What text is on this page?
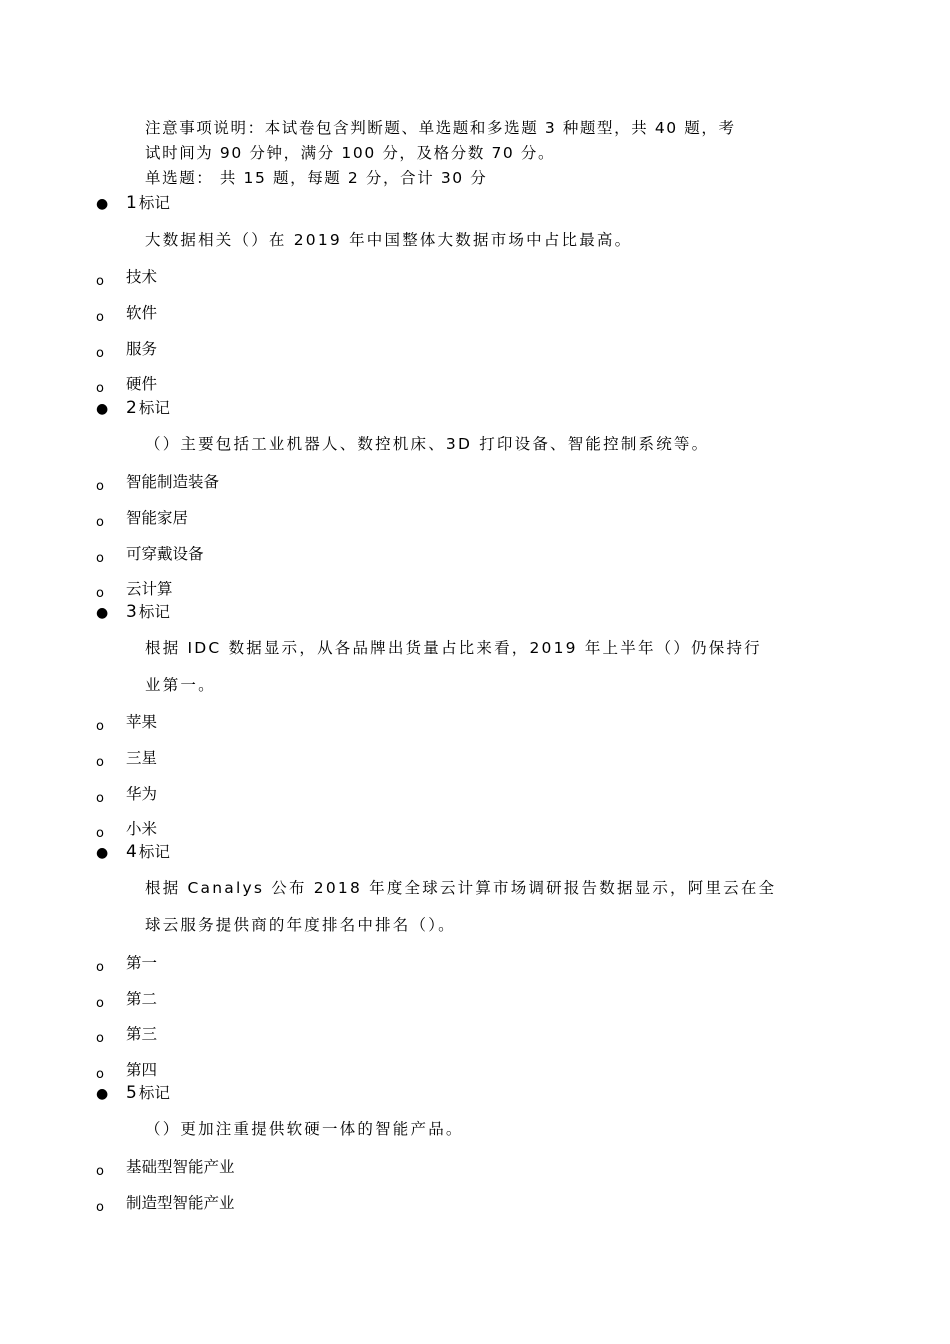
注意事项说明：本试卷包含判断题、单选题和多选题 3 种题型，共 40 题，考
试时间为 90 分钟，满分 100 分，及格分数 70 分。
单选题： 共 15 题，每题 2 分，合计 30 分
● 1 标记
大数据相关（）在 2019 年中国整体大数据市场中占比最高。
o 技术
o 软件
o 服务
o 硬件
● 2 标记
（）主要包括工业机器人、数控机床、3D 打印设备、智能控制系统等。
o 智能制造装备
o 智能家居
o 可穿戴设备
o 云计算
● 3 标记
根据 IDC 数据显示，从各品牌出货量占比来看，2019 年上半年（）仍保持行
业第一。
o 苹果
o 三星
o 华为
o 小米
● 4 标记
根据 Canalys 公布 2018 年度全球云计算市场调研报告数据显示，阿里云在全
球云服务提供商的年度排名中排名（）。
o 第一
o 第二
o 第三
o 第四
● 5 标记
（）更加注重提供软硬一体的智能产品。
o 基础型智能产业
o 制造型智能产业
